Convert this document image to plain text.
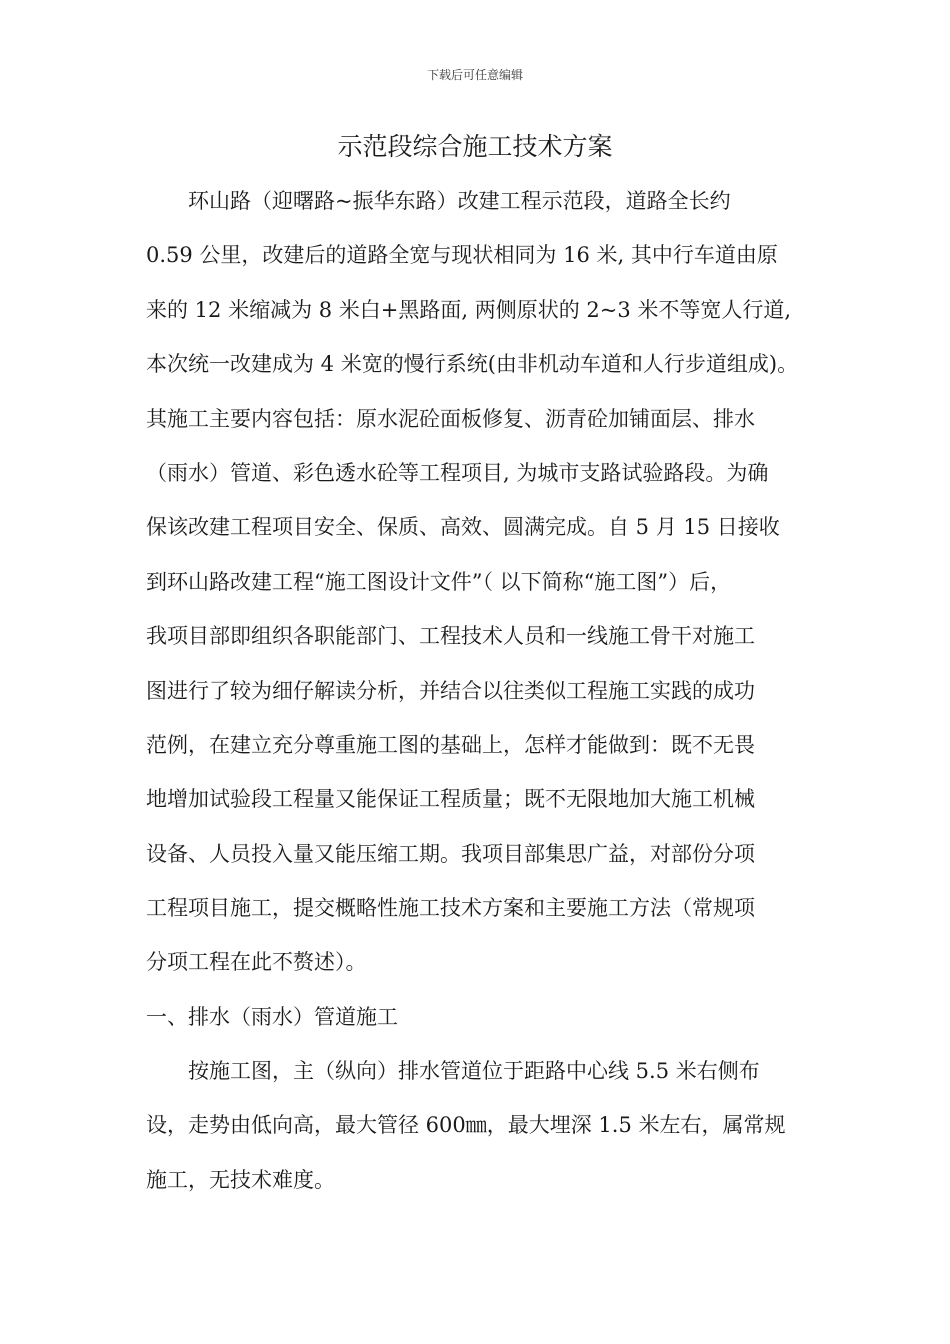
下载后可任意编辑
示范段综合施工技术方案
环山路（迎曙路~振华东路）改建工程示范段，道路全长约
0.59 公里，改建后的道路全宽与现状相同为 16 米, 其中行车道由原
来的 12 米缩减为 8 米白+黑路面, 两侧原状的 2~3 米不等宽人行道,
本次统一改建成为 4 米宽的慢行系统(由非机动车道和人行步道组成)。
其施工主要内容包括：原水泥砼面板修复、沥青砼加铺面层、排水
（雨水）管道、彩色透水砼等工程项目, 为城市支路试验路段。为确
保该改建工程项目安全、保质、高效、圆满完成。自 5 月 15 日接收
到环山路改建工程“施工图设计文件”（ 以下简称“施工图”）后，
我项目部即组织各职能部门、工程技术人员和一线施工骨干对施工
图进行了较为细仔解读分析，并结合以往类似工程施工实践的成功
范例，在建立充分尊重施工图的基础上，怎样才能做到：既不无畏
地增加试验段工程量又能保证工程质量；既不无限地加大施工机械
设备、人员投入量又能压缩工期。我项目部集思广益，对部份分项
工程项目施工，提交概略性施工技术方案和主要施工方法（常规项
分项工程在此不赘述）。
一、排水（雨水）管道施工
按施工图，主（纵向）排水管道位于距路中心线 5.5 米右侧布
设，走势由低向高，最大管径 600㎜，最大埋深 1.5 米左右，属常规
施工，无技术难度。
